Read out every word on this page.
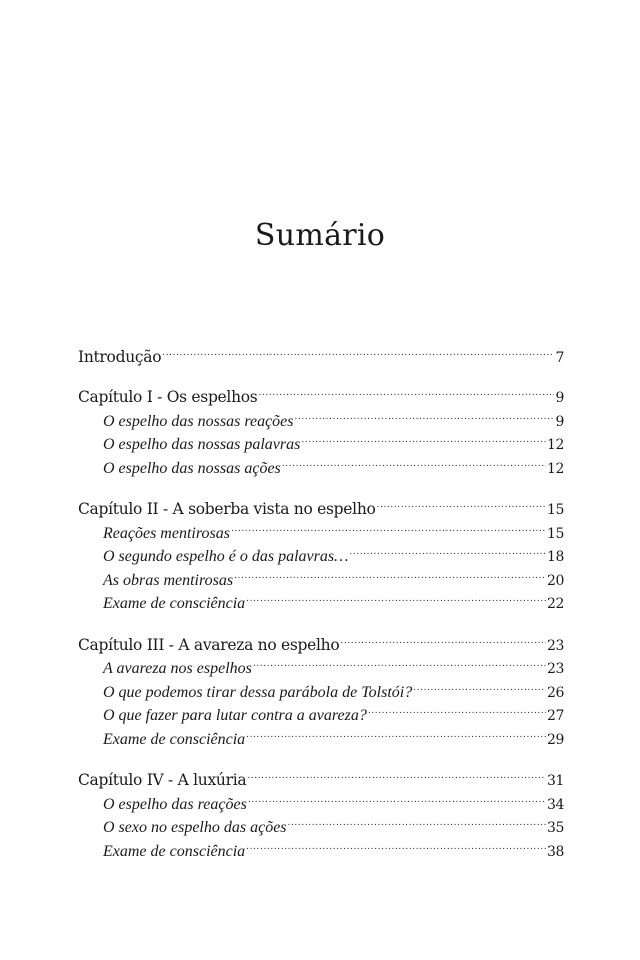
Sumário
Introdução .....	7
Capítulo I - Os espelhos .....	9
O espelho das nossas reações .....	9
O espelho das nossas palavras .....	12
O espelho das nossas ações .....	12
Capítulo II - A soberba vista no espelho .....	15
Reações mentirosas .....	15
O segundo espelho é o das palavras… .....	18
As obras mentirosas .....	20
Exame de consciência .....	22
Capítulo III - A avareza no espelho .....	23
A avareza nos espelhos .....	23
O que podemos tirar dessa parábola de Tolstói? .....	26
O que fazer para lutar contra a avareza? .....	27
Exame de consciência .....	29
Capítulo IV - A luxúria .....	31
O espelho das reações .....	34
O sexo no espelho das ações .....	35
Exame de consciência .....	38
